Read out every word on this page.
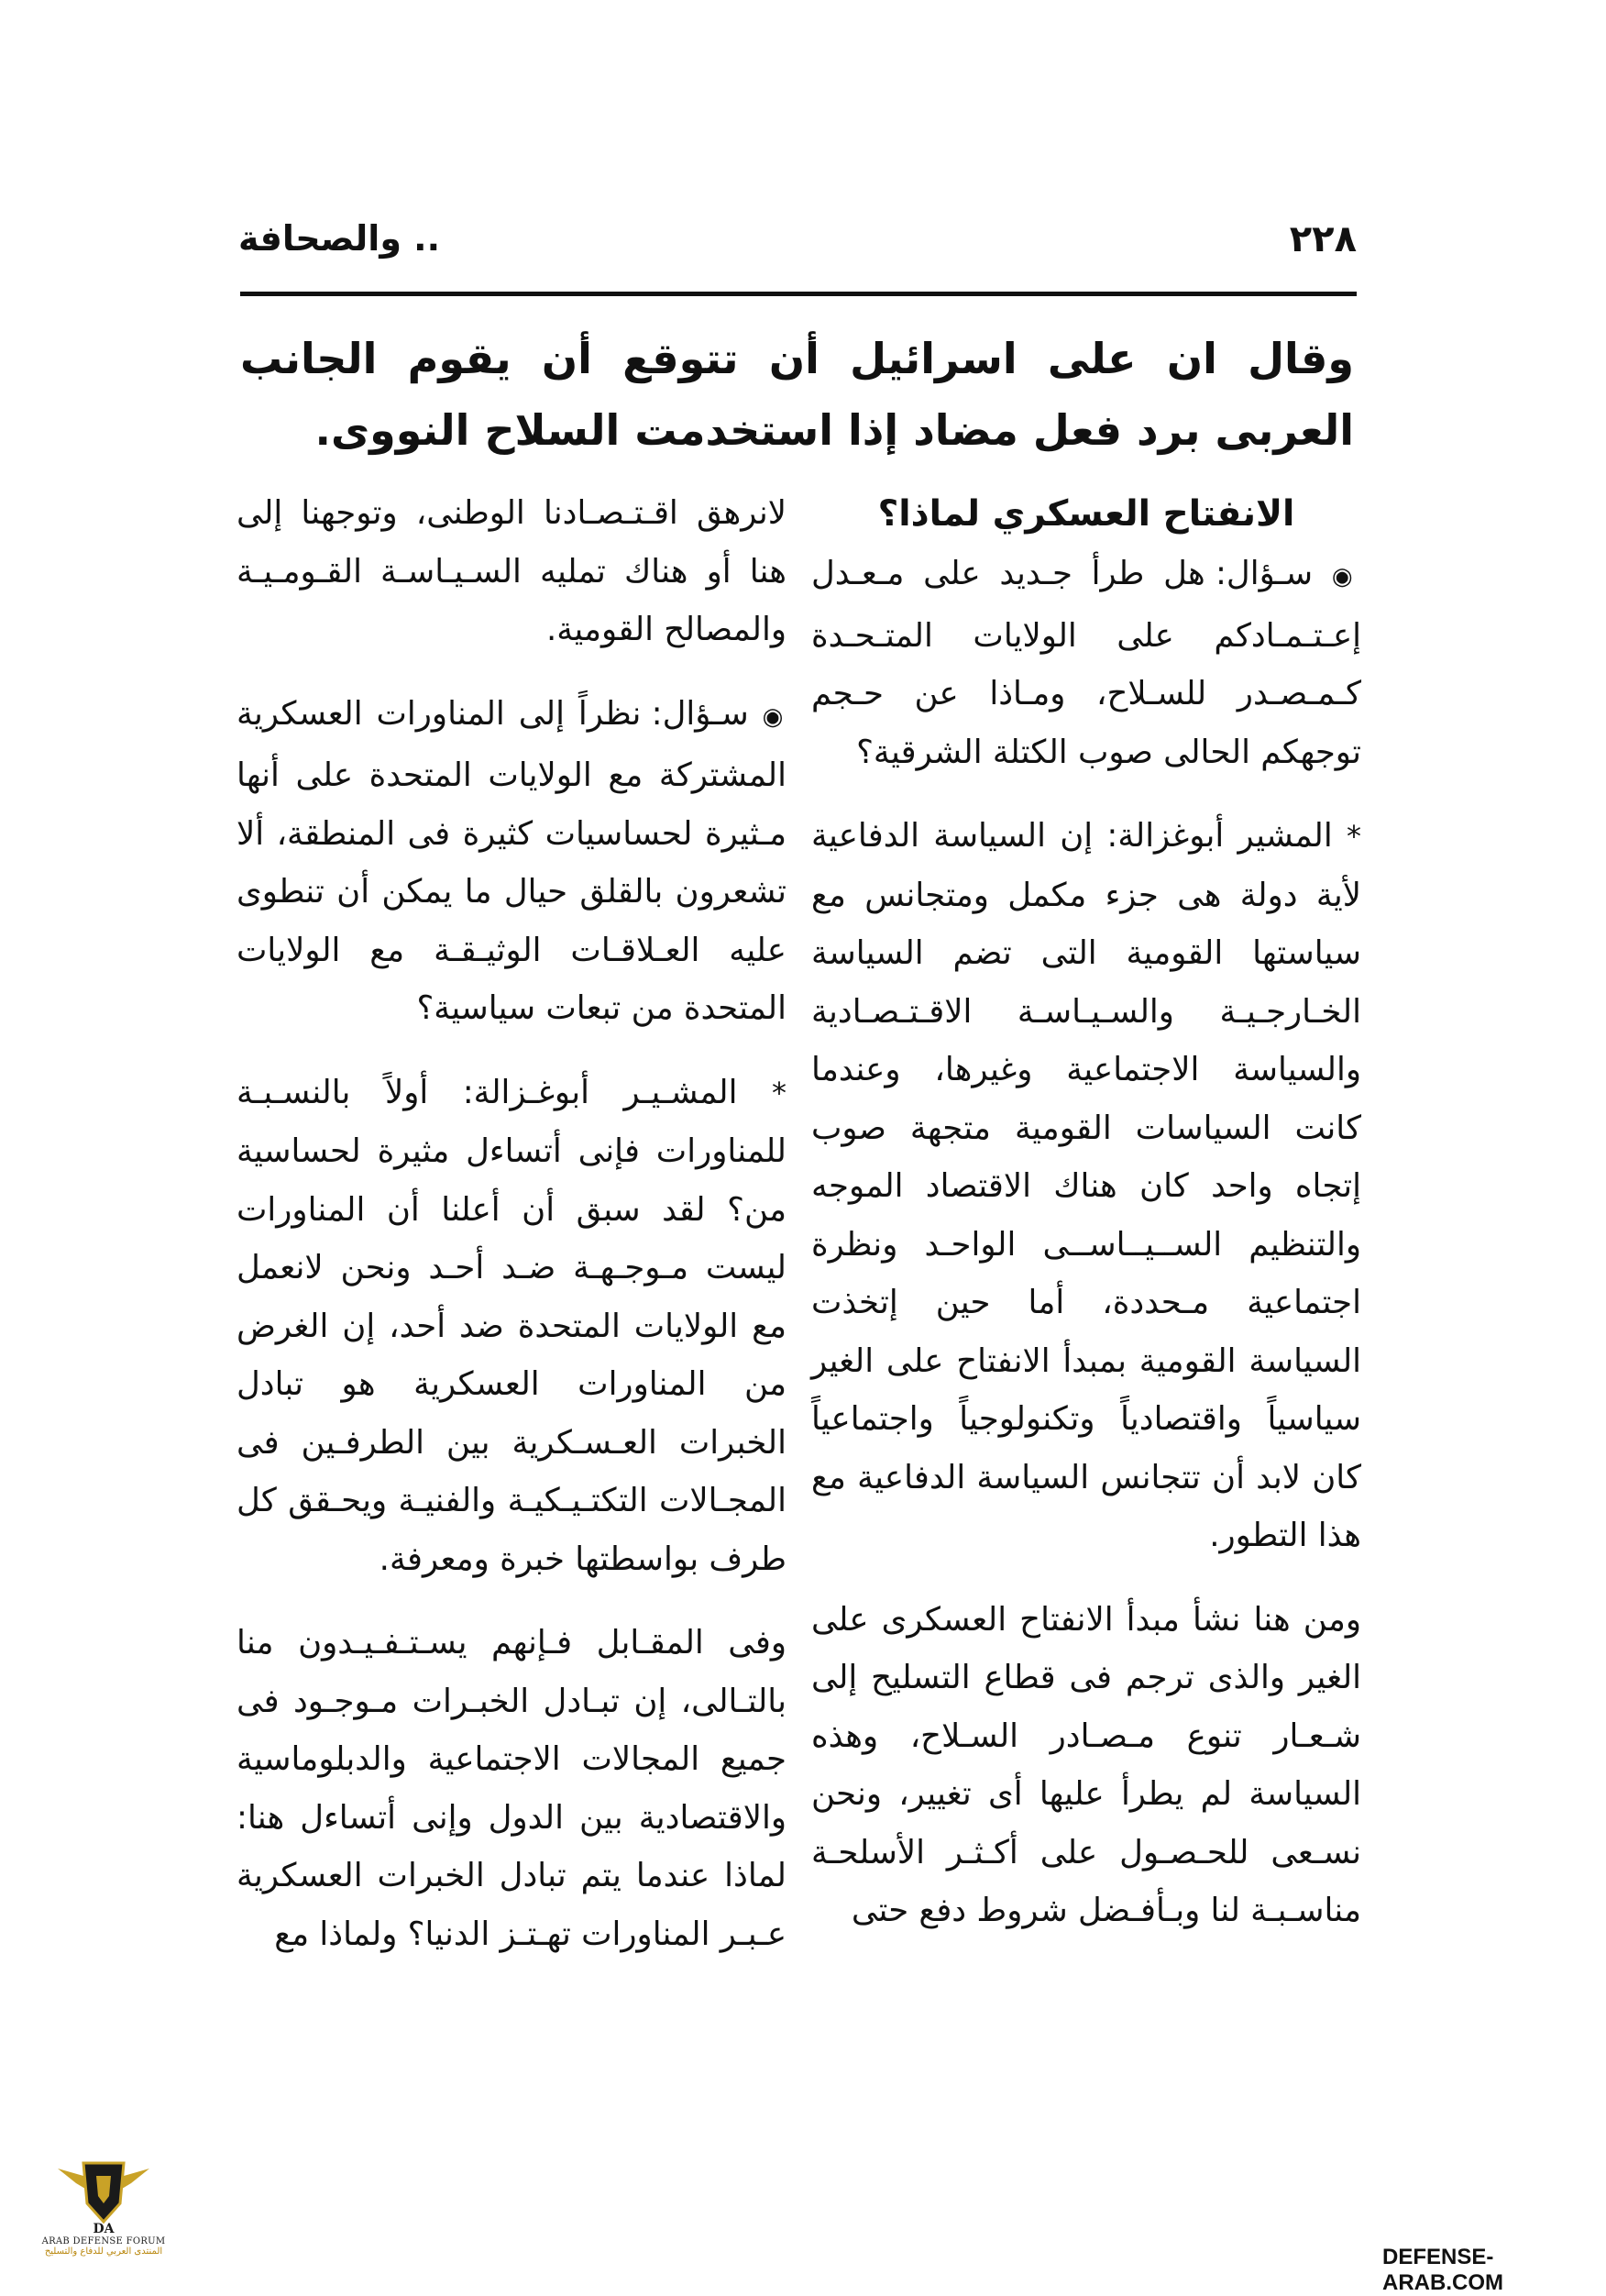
٢٢٨
.. والصحافة
وقال ان على اسرائيل أن تتوقع أن يقوم الجانب العربى برد فعل مضاد إذا استخدمت السلاح النووى.

الانفتاح العسكري لماذا؟

◉ سـؤال: هل طرأ جـديد على مـعـدل إعـتـمـادكم على الولايات المتـحـدة كـمـصـدر للسـلاح، ومـاذا عن حـجم توجهكم الحالى صوب الكتلة الشرقية؟

* المشير أبوغزالة: إن السياسة الدفاعية لأية دولة هى جزء مكمل ومتجانس مع سياستها القومية التى تضم السياسة الخـارجـيـة والسـيـاسـة الاقـتـصـادية والسياسة الاجتماعية وغيرها، وعندما كانت السياسات القومية متجهة صوب إتجاه واحد كان هناك الاقتصاد الموجه والتنظيم الســيــاســى الواحـد ونظرة اجتماعية مـحددة، أما حين إتخذت السياسة القومية بمبدأ الانفتاح على الغير سياسياً واقتصادياً وتكنولوجياً واجتماعياً كان لابد أن تتجانس السياسة الدفاعية مع هذا التطور.

ومن هنا نشأ مبدأ الانفتاح العسكرى على الغير والذى ترجم فى قطاع التسليح إلى شـعـار تنوع مـصـادر السـلاح، وهذه السياسة لم يطرأ عليها أى تغيير، ونحن نسـعى للحـصـول على أكـثـر الأسلحـة مناسـبـة لنا وبـأفـضل شروط دفع حتى

لانرهق اقـتـصـادنا الوطنى، وتوجهنا إلى هنا أو هناك تمليه السـيـاسـة القـومـيـة والمصالح القومية.

◉ سـؤال: نظراً إلى المناورات العسكرية المشتركة مع الولايات المتحدة على أنها مـثيرة لحساسيات كثيرة فى المنطقة، ألا تشعرون بالقلق حيال ما يمكن أن تنطوى عليه العـلاقـات الوثيـقـة مع الولايات المتحدة من تبعات سياسية؟

* المشـيـر أبوغـزالة: أولاً بالنسـبـة للمناورات فإنى أتساءل مثيرة لحساسية من؟ لقد سبق أن أعلنا أن المناورات ليست مـوجـهـة ضـد أحـد ونحن لانعمل مع الولايات المتحدة ضد أحد، إن الغرض من المناورات العسكرية هو تبادل الخبرات العـسـكرية بين الطرفـين فى المجـالات التكتـيـكيـة والفنيـة ويحـقق كل طرف بواسطتها خبرة ومعرفة.

وفى المقـابل فـإنهم يسـتـفـيـدون منا بالتـالى، إن تبـادل الخبـرات مـوجـود فى جميع المجالات الاجتماعية والدبلوماسية والاقتصادية بين الدول وإنى أتساءل هنا: لماذا عندما يتم تبادل الخبرات العسكرية عـبـر المناورات تهـتـز الدنيا؟ ولماذا مع

DA
ARAB DEFENSE FORUM
المنتدى العربي للدفاع والتسليح	DEFENSE-ARAB.COM
